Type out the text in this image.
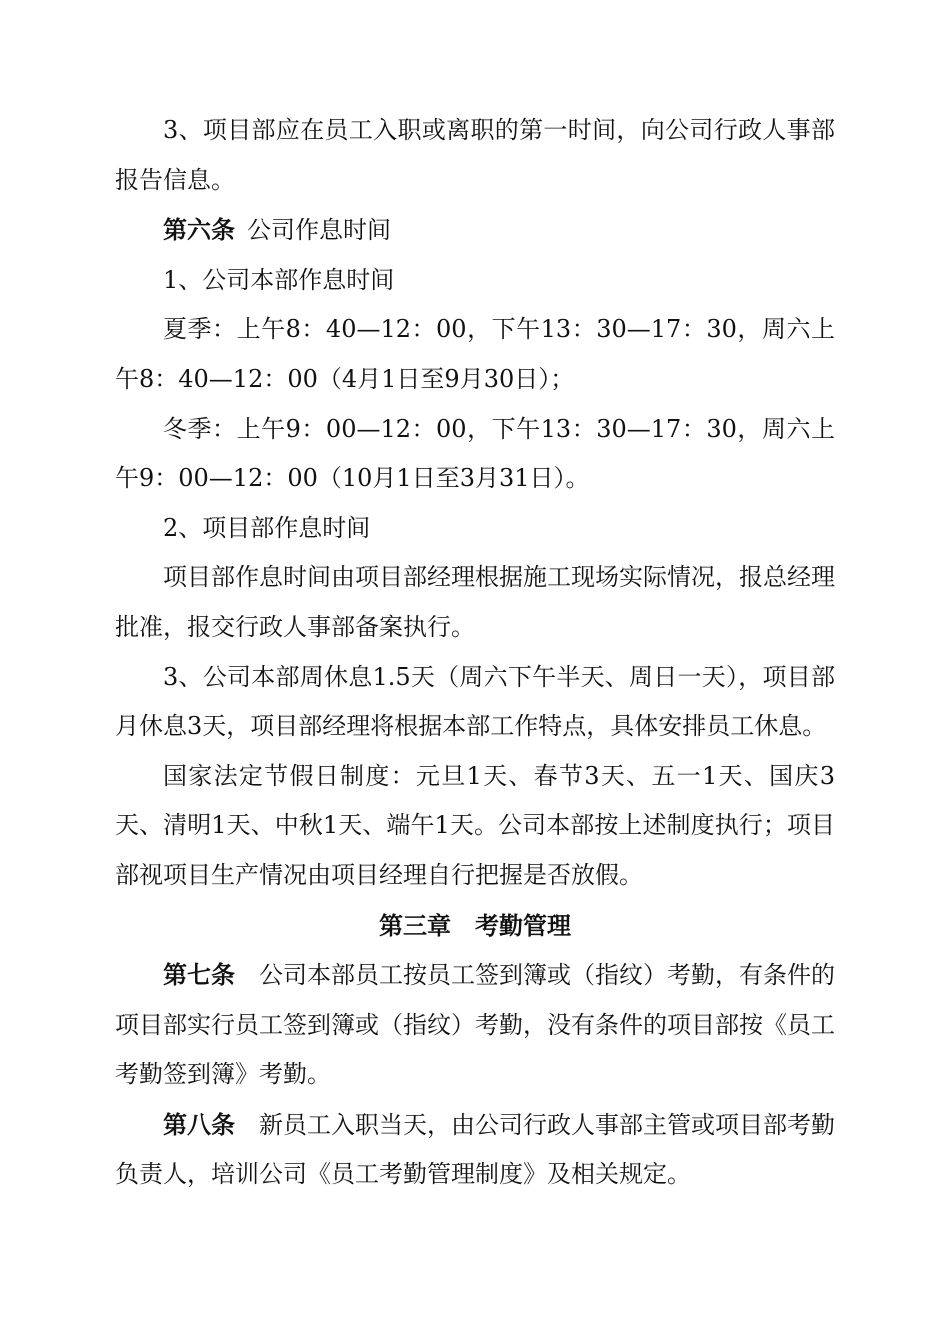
3、项目部应在员工入职或离职的第一时间，向公司行政人事部报告信息。

第六条 公司作息时间

1、公司本部作息时间

夏季：上午8：40—12：00，下午13：30—17：30，周六上午8：40—12：00（4月1日至9月30日）；

冬季：上午9：00—12：00，下午13：30—17：30，周六上午9：00—12：00（10月1日至3月31日）。

2、项目部作息时间

项目部作息时间由项目部经理根据施工现场实际情况，报总经理批准，报交行政人事部备案执行。

3、公司本部周休息1.5天（周六下午半天、周日一天），项目部月休息3天，项目部经理将根据本部工作特点，具体安排员工休息。

国家法定节假日制度：元旦1天、春节3天、五一1天、国庆3天、清明1天、中秋1天、端午1天。公司本部按上述制度执行；项目部视项目生产情况由项目经理自行把握是否放假。

第三章 考勤管理

第七条 公司本部员工按员工签到簿或（指纹）考勤，有条件的项目部实行员工签到簿或（指纹）考勤，没有条件的项目部按《员工考勤签到簿》考勤。

第八条 新员工入职当天，由公司行政人事部主管或项目部考勤负责人，培训公司《员工考勤管理制度》及相关规定。
